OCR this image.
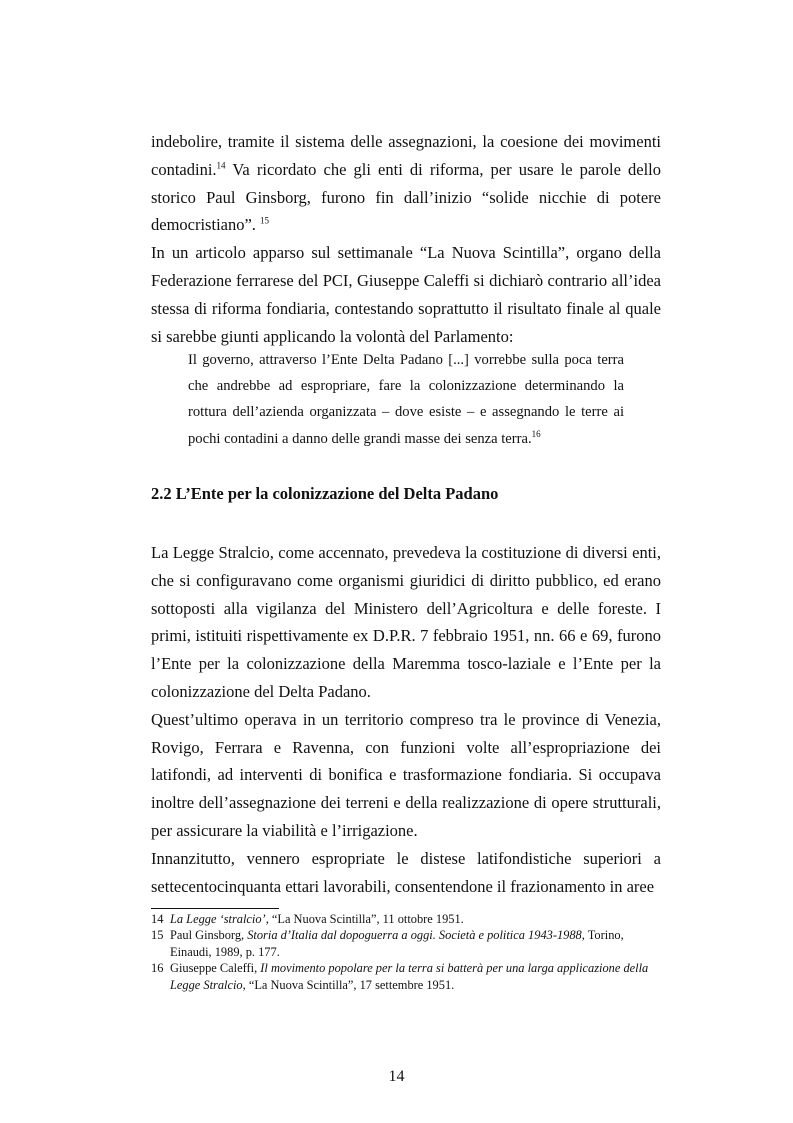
indebolire, tramite il sistema delle assegnazioni, la coesione dei movimenti contadini.$^{14}$ Va ricordato che gli enti di riforma, per usare le parole dello storico Paul Ginsborg, furono fin dall’inizio “solide nicchie di potere democristiano”. $^{15}$

In un articolo apparso sul settimanale “La Nuova Scintilla”, organo della Federazione ferrarese del PCI, Giuseppe Caleffi si dichiarò contrario all’idea stessa di riforma fondiaria, contestando soprattutto il risultato finale al quale si sarebbe giunti applicando la volontà del Parlamento:

Il governo, attraverso l’Ente Delta Padano [...] vorrebbe sulla poca terra che andrebbe ad espropriare, fare la colonizzazione determinando la rottura dell’azienda organizzata – dove esiste – e assegnando le terre ai pochi contadini a danno delle grandi masse dei senza terra.$^{16}$

2.2 L’Ente per la colonizzazione del Delta Padano

La Legge Stralcio, come accennato, prevedeva la costituzione di diversi enti, che si configuravano come organismi giuridici di diritto pubblico, ed erano sottoposti alla vigilanza del Ministero dell’Agricoltura e delle foreste. I primi, istituiti rispettivamente ex D.P.R. 7 febbraio 1951, nn. 66 e 69, furono l’Ente per la colonizzazione della Maremma tosco-laziale e l’Ente per la colonizzazione del Delta Padano.

Quest’ultimo operava in un territorio compreso tra le province di Venezia, Rovigo, Ferrara e Ravenna, con funzioni volte all’espropriazione dei latifondi, ad interventi di bonifica e trasformazione fondiaria. Si occupava inoltre dell’assegnazione dei terreni e della realizzazione di opere strutturali, per assicurare la viabilità e l’irrigazione.

Innanzitutto, vennero espropriate le distese latifondistiche superiori a settecentocinquanta ettari lavorabili, consentendone il frazionamento in aree

14 La Legge ‘stralcio’, “La Nuova Scintilla”, 11 ottobre 1951.
15 Paul Ginsborg, Storia d’Italia dal dopoguerra a oggi. Società e politica 1943-1988, Torino, Einaudi, 1989, p. 177.
16 Giuseppe Caleffi, Il movimento popolare per la terra si batterà per una larga applicazione della Legge Stralcio, “La Nuova Scintilla”, 17 settembre 1951.
14
